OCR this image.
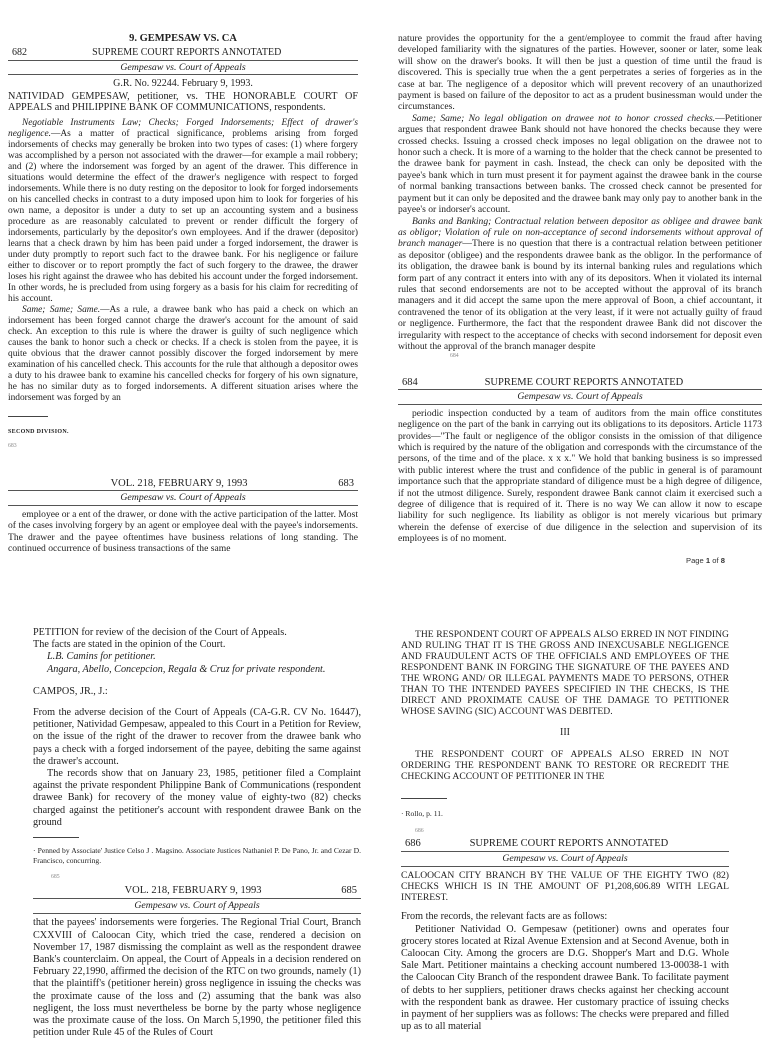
9. GEMPESAW VS. CA
682	SUPREME COURT REPORTS ANNOTATED

Gempesaw vs. Court of Appeals
G.R. No. 92244. February 9, 1993.
NATIVIDAD GEMPESAW, petitioner, vs. THE HONORABLE COURT OF APPEALS and PHILIPPINE BANK OF COMMUNICATIONS, respondents.

Negotiable Instruments Law; Checks; Forged Indorsements; Effect of drawer's negligence.—As a matter of practical significance, problems arising from forged indorsements of checks may generally be broken into two types of cases: (1) where forgery was accomplished by a person not associated with the drawer—for example a mail robbery; and (2) where the indorsement was forged by an agent of the drawer. This difference in situations would determine the effect of the drawer's negligence with respect to forged indorsements. While there is no duty resting on the depositor to look for forged indorsements on his cancelled checks in contrast to a duty imposed upon him to look for forgeries of his own name, a depositor is under a duty to set up an accounting system and a business procedure as are reasonably calculated to prevent or render difficult the forgery of indorsements, particularly by the depositor's own employees. And if the drawer (depositor) learns that a check drawn by him has been paid under a forged indorsement, the drawer is under duty promptly to report such fact to the drawee bank. For his negligence or failure either to discover or to report promptly the fact of such forgery to the drawee, the drawer loses his right against the drawee who has debited his account under the forged indorsement. In other words, he is precluded from using forgery as a basis for his claim for recrediting of his account.

Same; Same; Same.—As a rule, a drawee bank who has paid a check on which an indorsement has been forged cannot charge the drawer's account for the amount of said check. An exception to this rule is where the drawer is guilty of such negligence which causes the bank to honor such a check or checks. If a check is stolen from the payee, it is quite obvious that the drawer cannot possibly discover the forged indorsement by mere examination of his cancelled check. This accounts for the rule that although a depositor owes a duty to his drawee bank to examine his cancelled checks for forgery of his own signature, he has no similar duty as to forged indorsements. A different situation arises where the indorsement was forged by an

SECOND DIVISION.
683

VOL. 218, FEBRUARY 9, 1993	683
Gempesaw vs. Court of Appeals

employee or a ent of the drawer, or done with the active participation of the latter. Most of the cases involving forgery by an agent or employee deal with the payee's indorsements. The drawer and the payee oftentimes have business relations of long standing. The continued occurrence of business transactions of the same

nature provides the opportunity for the a gent/employee to commit the fraud after having developed familiarity with the signatures of the parties. However, sooner or later, some leak will show on the drawer's books. It will then be just a question of time until the fraud is discovered. This is specially true when the a gent perpetrates a series of forgeries as in the case at bar. The negligence of a depositor which will prevent recovery of an unauthorized payment is based on failure of the depositor to act as a prudent businessman would under the circumstances.

Same; Same; No legal obligation on drawee not to honor crossed checks.—Petitioner argues that respondent drawee Bank should not have honored the checks because they were crossed checks. Issuing a crossed check imposes no legal obligation on the drawee not to honor such a check. It is more of a warning to the holder that the check cannot be presented to the drawee bank for payment in cash. Instead, the check can only be deposited with the payee's bank which in turn must present it for payment against the drawee bank in the course of normal banking transactions between banks. The crossed check cannot be presented for payment but it can only be deposited and the drawee bank may only pay to another bank in the payee's or indorser's account.

Banks and Banking; Contractual relation between depositor as obligee and drawee bank as obligor; Violation of rule on non-acceptance of second indorsements without approval of branch manager—There is no question that there is a contractual relation between petitioner as depositor (obligee) and the respondents drawee bank as the obligor. In the performance of its obligation, the drawee bank is bound by its internal banking rules and regulations which form part of any contract it enters into with any of its depositors. When it violated its internal rules that second endorsements are not to be accepted without the approval of its branch managers and it did accept the same upon the mere approval of Boon, a chief accountant, it contravened the tenor of its obligation at the very least, if it were not actually guilty of fraud or negligence. Furthermore, the fact that the respondent drawee Bank did not discover the irregularity with respect to the acceptance of checks with second indorsement for deposit even without the approval of the branch manager despite

684
684	SUPREME COURT REPORTS ANNOTATED

Gempesaw vs. Court of Appeals

periodic inspection conducted by a team of auditors from the main office constitutes negligence on the part of the bank in carrying out its obligations to its depositors. Article 1173 provides—"The fault or negligence of the obligor consists in the omission of that diligence which is required by the nature of the obligation and corresponds with the circumstance of the persons, of the time and of the place. x x x." We hold that banking business is so impressed with public interest where the trust and confidence of the public in general is of paramount importance such that the appropriate standard of diligence must be a high degree of diligence, if not the utmost diligence. Surely, respondent drawee Bank cannot claim it exercised such a degree of diligence that is required of it. There is no way We can allow it now to escape liability for such negligence. Its liability as obligor is not merely vicarious but primary wherein the defense of exercise of due diligence in the selection and supervision of its employees is of no moment.

Page 1 of 8

PETITION for review of the decision of the Court of Appeals.

The facts are stated in the opinion of the Court.

L.B. Camins for petitioner.

Angara, Abello, Concepcion, Regala & Cruz for private respondent.

CAMPOS, JR., J.:

From the adverse decision of the Court of Appeals (CA-G.R. CV No. 16447), petitioner, Natividad Gempesaw, appealed to this Court in a Petition for Review, on the issue of the right of the drawer to recover from the drawee bank who pays a check with a forged indorsement of the payee, debiting the same against the drawer's account.

The records show that on January 23, 1985, petitioner filed a Complaint against the private respondent Philippine Bank of Communications (respondent drawee Bank) for recovery of the money value of eighty-two (82) checks charged against the petitioner's account with respondent drawee Bank on the ground

· Penned by Associate' Justice Celso J . Magsino. Associate Justices Nathaniel P. De Pano, Jr. and Cezar D. Francisco, concurring.
685

VOL. 218, FEBRUARY 9, 1993	685
Gempesaw vs. Court of Appeals

that the payees' indorsements were forgeries. The Regional Trial Court, Branch CXXVIII of Caloocan City, which tried the case, rendered a decision on November 17, 1987 dismissing the complaint as well as the respondent drawee Bank's counterclaim. On appeal, the Court of Appeals in a decision rendered on February 22,1990, affirmed the decision of the RTC on two grounds, namely (1) that the plaintiff's (petitioner herein) gross negligence in issuing the checks was the proximate cause of the loss and (2) assuming that the bank was also negligent, the loss must nevertheless be borne by the party whose negligence was the proximate cause of the loss. On March 5,1990, the petitioner filed this petition under Rule 45 of the Rules of Court

THE RESPONDENT COURT OF APPEALS ALSO ERRED IN NOT FINDING AND RULING THAT IT IS THE GROSS AND INEXCUSABLE NEGLIGENCE AND FRAUDULENT ACTS OF THE OFFICIALS AND EMPLOYEES OF THE RESPONDENT BANK IN FORGING THE SIGNATURE OF THE PAYEES AND THE WRONG AND/ OR ILLEGAL PAYMENTS MADE TO PERSONS, OTHER THAN TO THE INTENDED PAYEES SPECIFIED IN THE CHECKS, IS THE DIRECT AND PROXIMATE CAUSE OF THE DAMAGE TO PETITIONER WHOSE SAVING (SIC) ACCOUNT WAS DEBITED.

III

THE RESPONDENT COURT OF APPEALS ALSO ERRED IN NOT ORDERING THE RESPONDENT BANK TO RESTORE OR RECREDIT THE CHECKING ACCOUNT OF PETITIONER IN THE

· Rollo, p. 11.
686
686	SUPREME COURT REPORTS ANNOTATED

Gempesaw vs. Court of Appeals

CALOOCAN CITY BRANCH BY THE VALUE OF THE EIGHTY TWO (82) CHECKS WHICH IS IN THE AMOUNT OF P1,208,606.89 WITH LEGAL INTEREST.

From the records, the relevant facts are as follows:

Petitioner Natividad O. Gempesaw (petitioner) owns and operates four grocery stores located at Rizal Avenue Extension and at Second Avenue, both in Caloocan City. Among the grocers are D.G. Shopper's Mart and D.G. Whole Sale Mart. Petitioner maintains a checking account numbered 13-00038-1 with the Caloocan City Branch of the respondent drawee Bank. To facilitate payment of debts to her suppliers, petitioner draws checks against her checking account with the respondent bank as drawee. Her customary practice of issuing checks in payment of her suppliers was as follows: The checks were prepared and filled up as to all material
